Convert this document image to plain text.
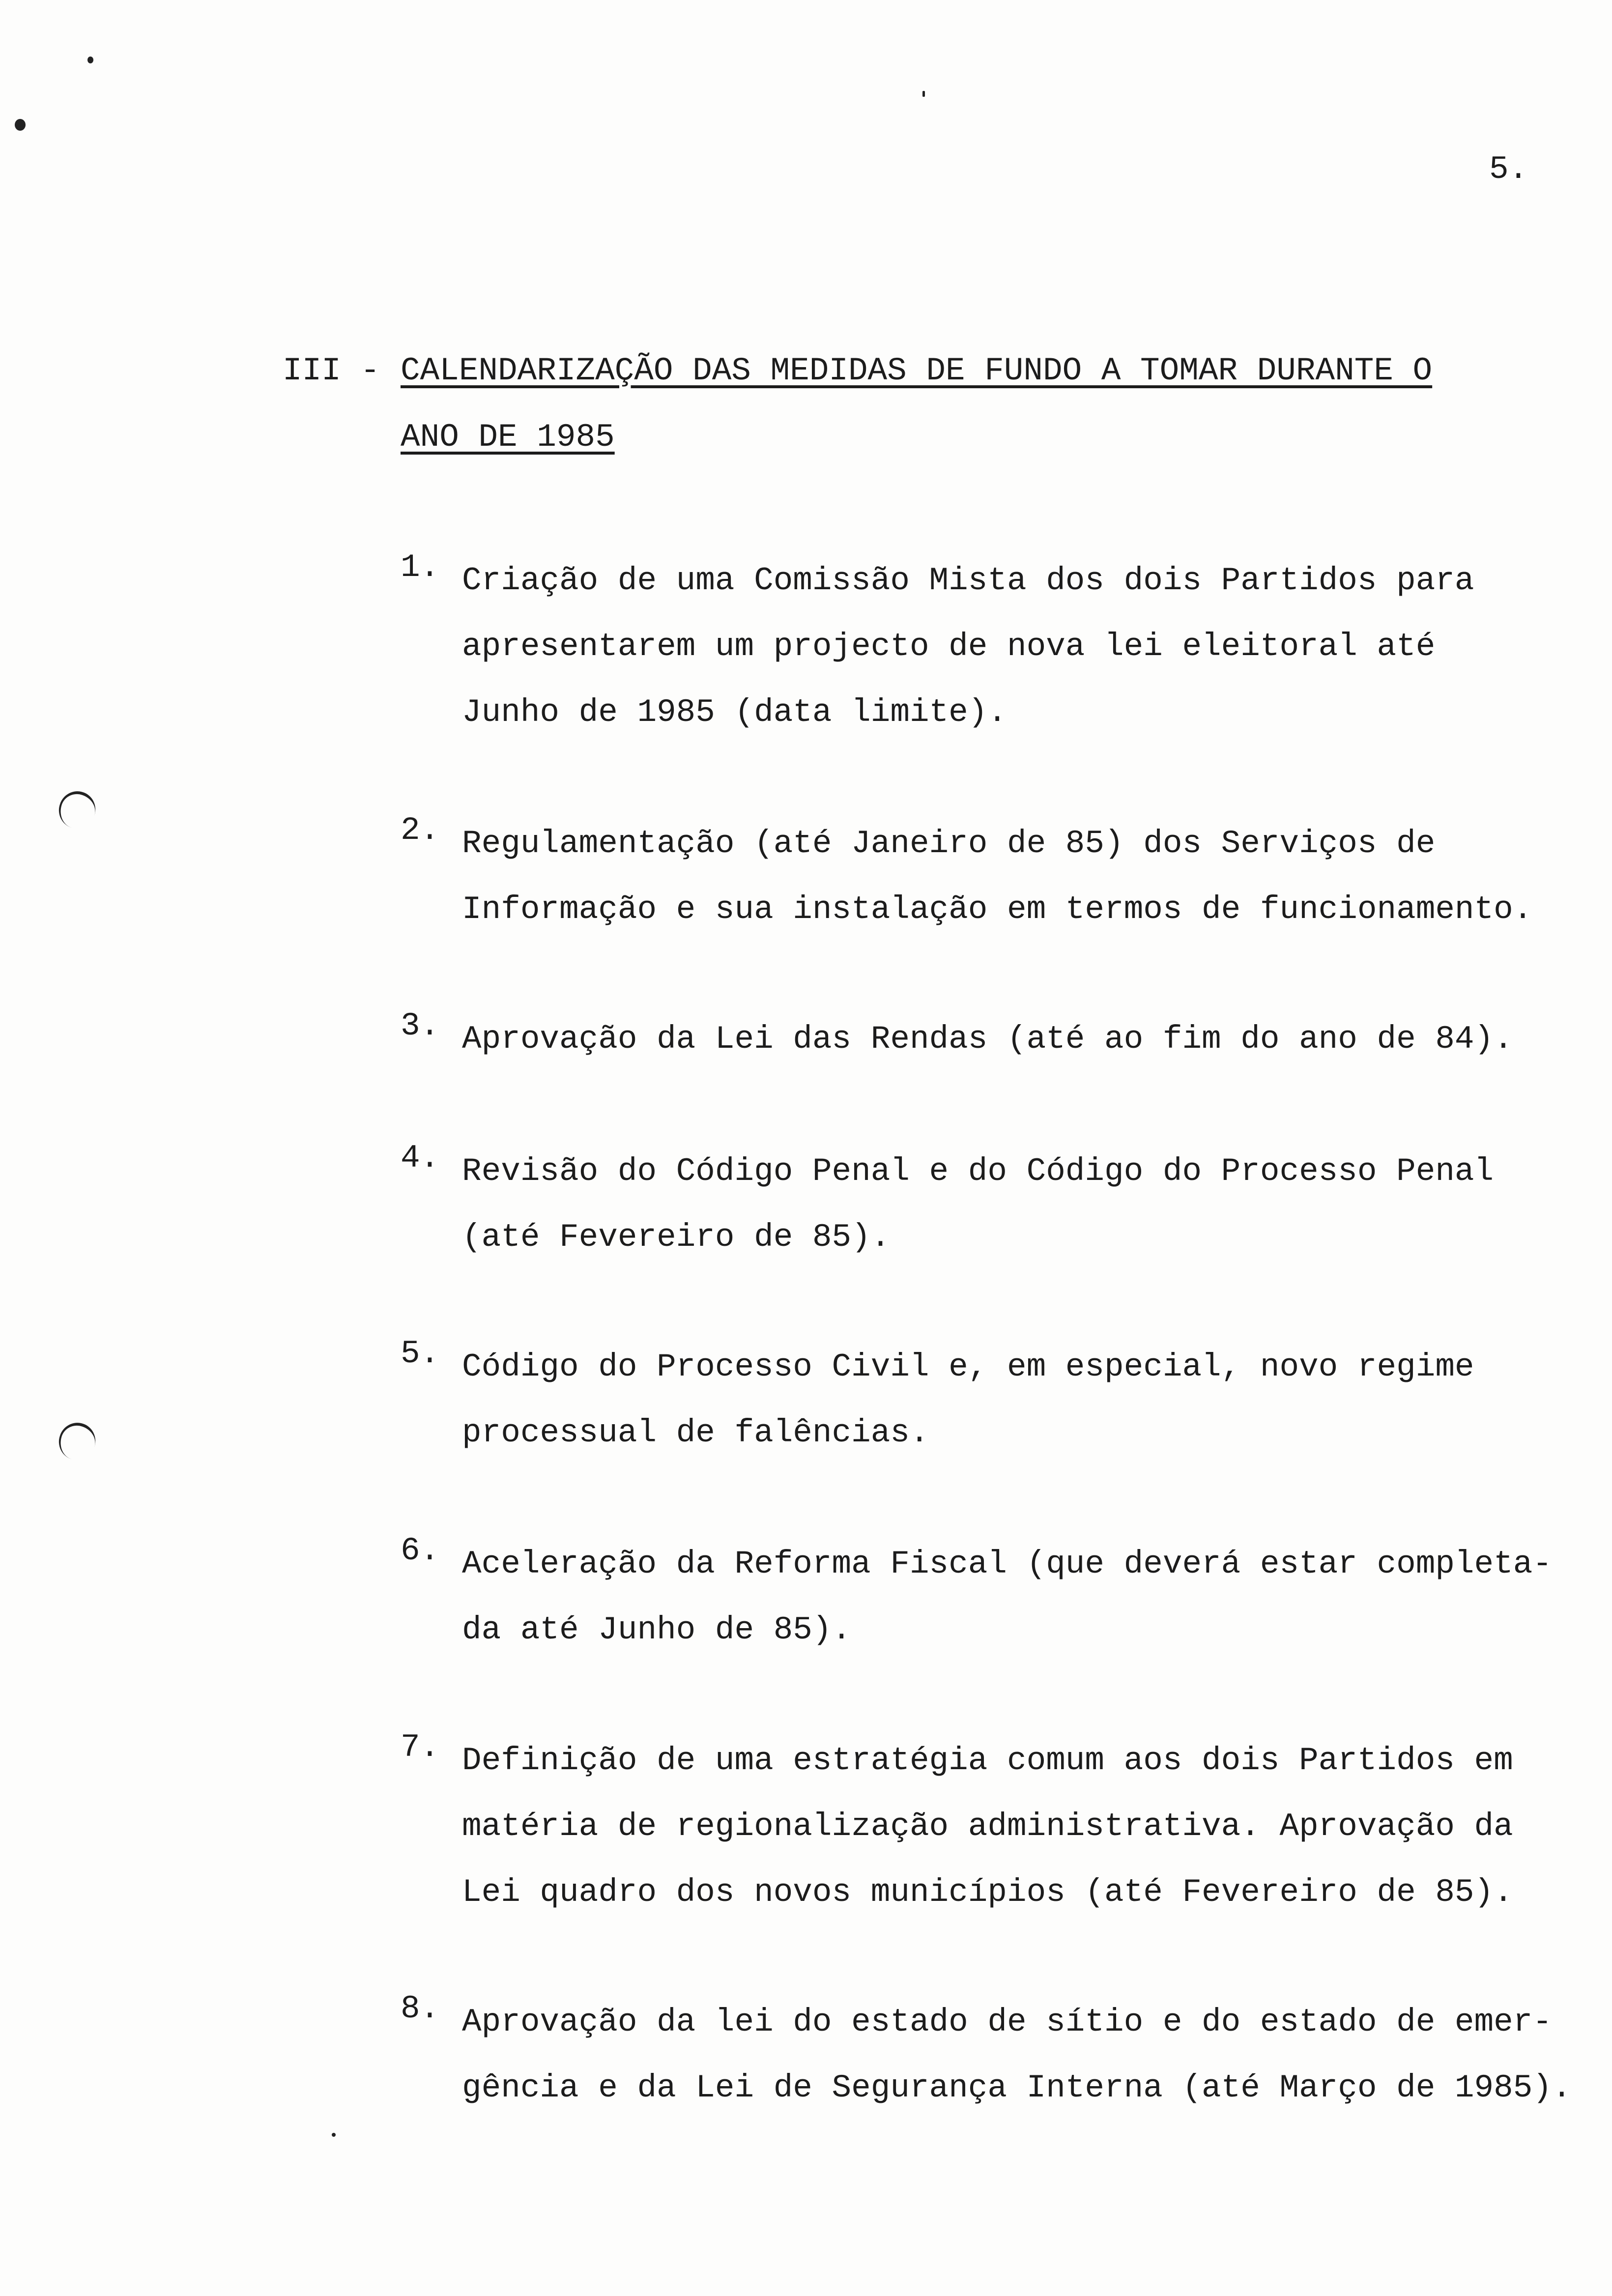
5.
III - CALENDARIZAÇÃO DAS MEDIDAS DE FUNDO A TOMAR DURANTE O
ANO DE 1985
1. Criação de uma Comissão Mista dos dois Partidos para
apresentarem um projecto de nova lei eleitoral até
Junho de 1985 (data limite).
2. Regulamentação (até Janeiro de 85) dos Serviços de
Informação e sua instalação em termos de funcionamento.
3. Aprovação da Lei das Rendas (até ao fim do ano de 84).
4. Revisão do Código Penal e do Código do Processo Penal
(até Fevereiro de 85).
5. Código do Processo Civil e, em especial, novo regime
processual de falências.
6. Aceleração da Reforma Fiscal (que deverá estar completa-
da até Junho de 85).
7. Definição de uma estratégia comum aos dois Partidos em
matéria de regionalização administrativa. Aprovação da
Lei quadro dos novos municípios (até Fevereiro de 85).
8. Aprovação da lei do estado de sítio e do estado de emer-
gência e da Lei de Segurança Interna (até Março de 1985).
